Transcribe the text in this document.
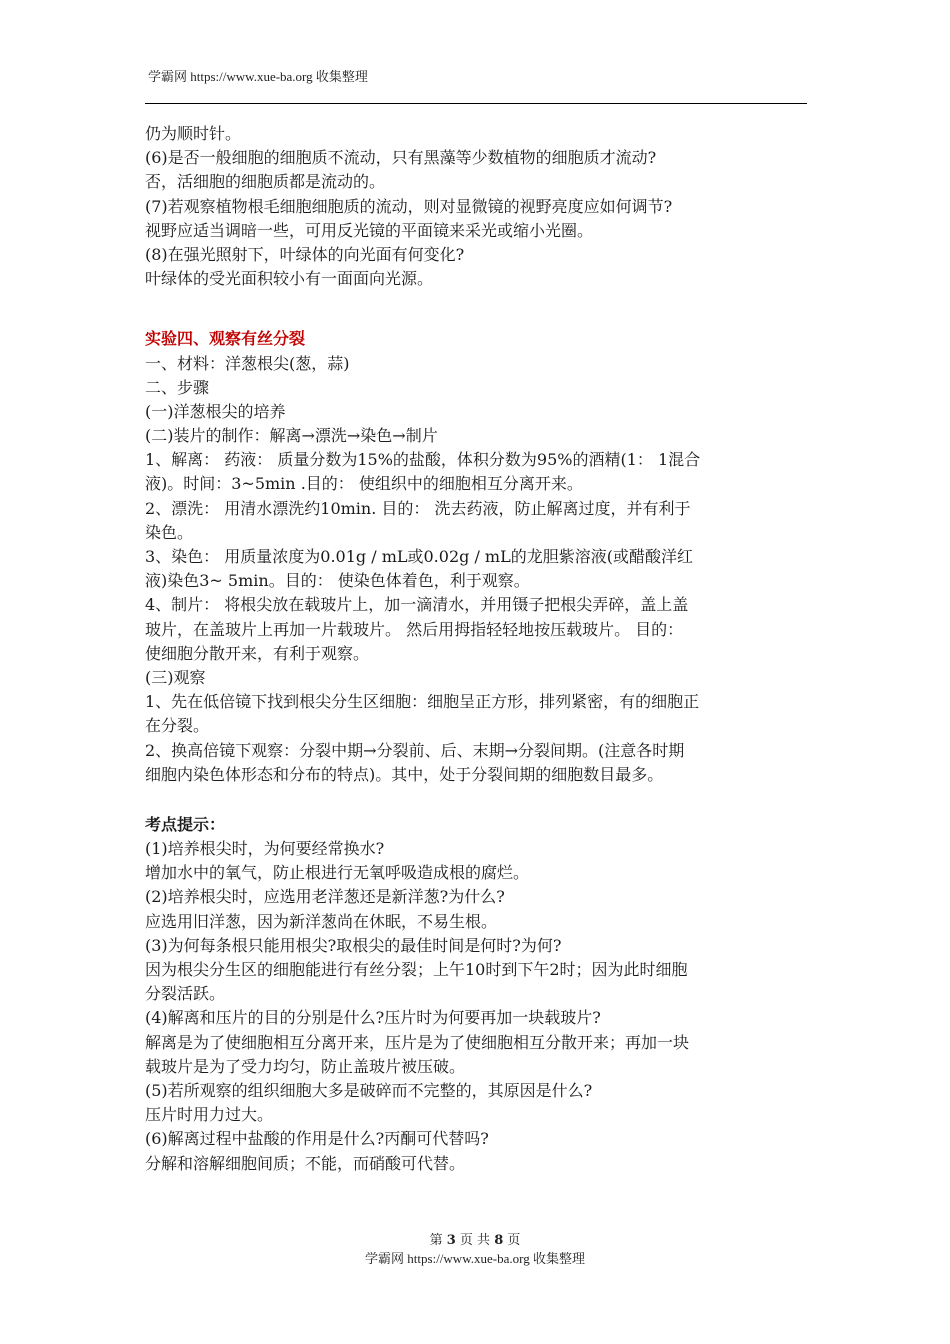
学霸网 https://www.xue-ba.org 收集整理
仍为顺时针。
(6)是否一般细胞的细胞质不流动，只有黑藻等少数植物的细胞质才流动?
否，活细胞的细胞质都是流动的。
(7)若观察植物根毛细胞细胞质的流动，则对显微镜的视野亮度应如何调节?
视野应适当调暗一些，可用反光镜的平面镜来采光或缩小光圈。
(8)在强光照射下，叶绿体的向光面有何变化?
叶绿体的受光面积较小有一面面向光源。
实验四、观察有丝分裂
一、材料：洋葱根尖(葱，蒜)
二、步骤
(一)洋葱根尖的培养
(二)装片的制作：解离→漂洗→染色→制片
1、解离： 药液： 质量分数为15%的盐酸，体积分数为95%的酒精(1： 1混合
液)。时间：3~5min .目的： 使组织中的细胞相互分离开来。
2、漂洗： 用清水漂洗约10min. 目的： 洗去药液，防止解离过度，并有利于
染色。
3、染色： 用质量浓度为0.01g / mL或0.02g / mL的龙胆紫溶液(或醋酸洋红
液)染色3~ 5min。目的： 使染色体着色，利于观察。
4、制片： 将根尖放在载玻片上，加一滴清水，并用镊子把根尖弄碎，盖上盖
玻片，在盖玻片上再加一片载玻片。 然后用拇指轻轻地按压载玻片。 目的：
使细胞分散开来，有利于观察。
(三)观察
1、先在低倍镜下找到根尖分生区细胞：细胞呈正方形，排列紧密，有的细胞正
在分裂。
2、换高倍镜下观察：分裂中期→分裂前、后、末期→分裂间期。(注意各时期
细胞内染色体形态和分布的特点)。其中，处于分裂间期的细胞数目最多。
考点提示：
(1)培养根尖时，为何要经常换水?
增加水中的氧气，防止根进行无氧呼吸造成根的腐烂。
(2)培养根尖时，应选用老洋葱还是新洋葱?为什么?
应选用旧洋葱，因为新洋葱尚在休眠，不易生根。
(3)为何每条根只能用根尖?取根尖的最佳时间是何时?为何?
因为根尖分生区的细胞能进行有丝分裂；上午10时到下午2时；因为此时细胞
分裂活跃。
(4)解离和压片的目的分别是什么?压片时为何要再加一块载玻片?
解离是为了使细胞相互分离开来，压片是为了使细胞相互分散开来；再加一块
载玻片是为了受力均匀，防止盖玻片被压破。
(5)若所观察的组织细胞大多是破碎而不完整的，其原因是什么?
压片时用力过大。
(6)解离过程中盐酸的作用是什么?丙酮可代替吗?
分解和溶解细胞间质；不能，而硝酸可代替。
第 3 页 共 8 页
学霸网 https://www.xue-ba.org 收集整理
